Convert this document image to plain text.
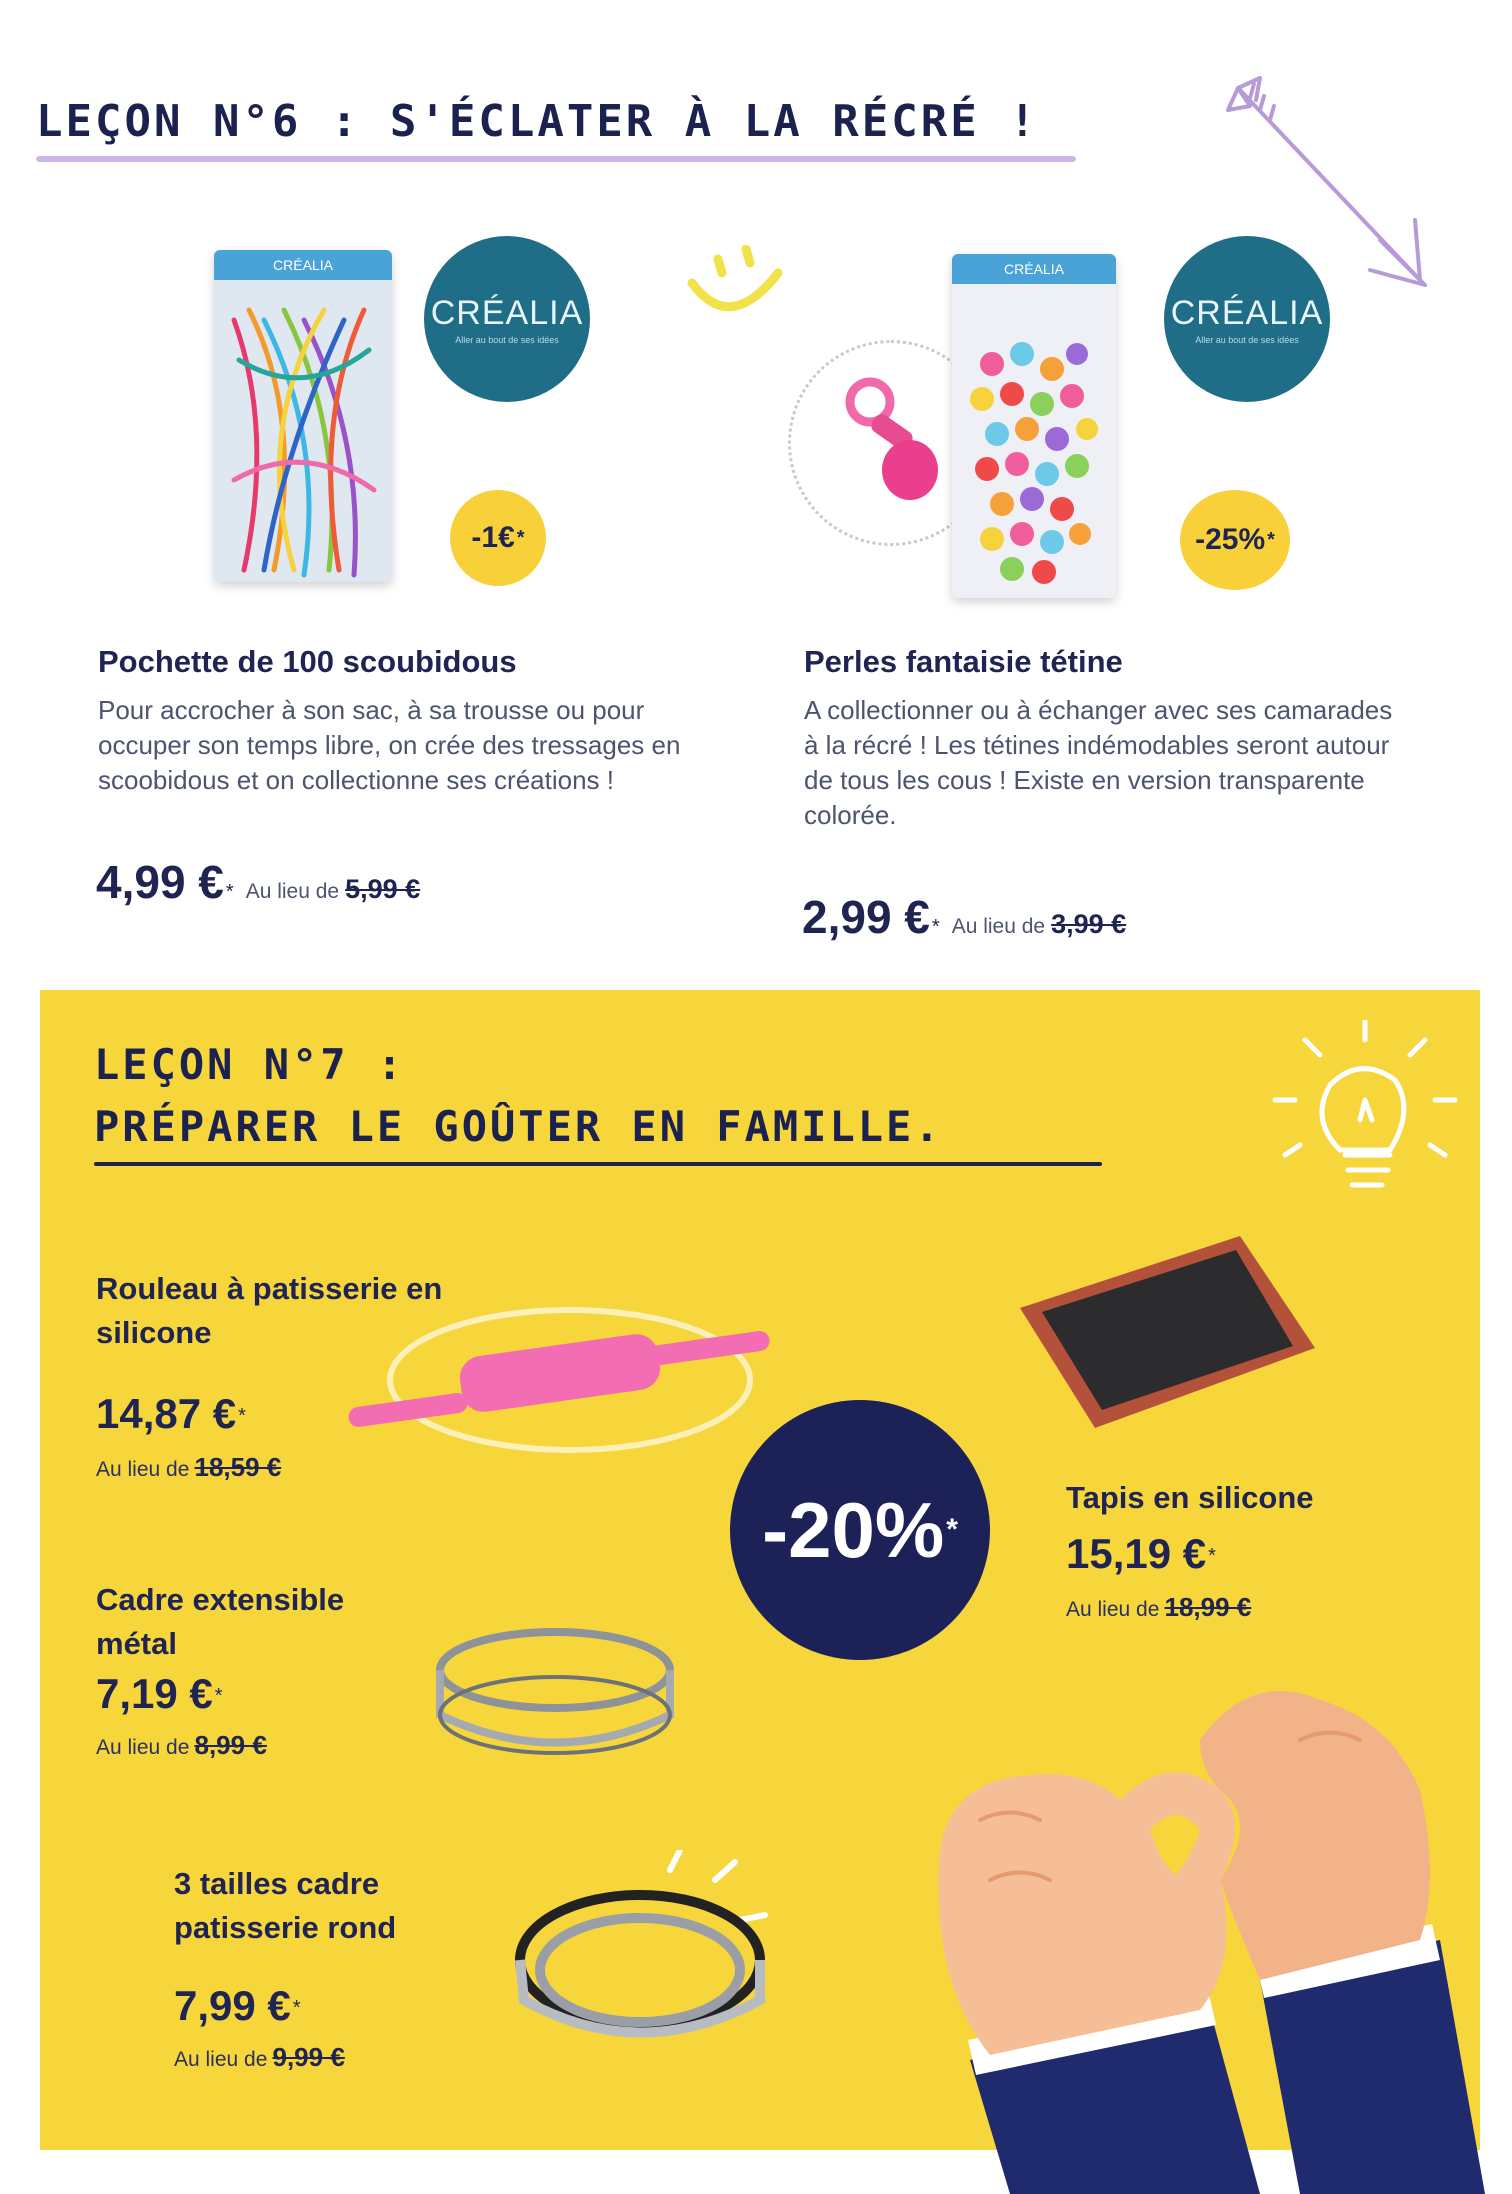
LEÇON N°6 : S'ÉCLATER À LA RÉCRÉ !
CRÉALIA
CRÉALIA
Aller au bout de ses idées
-1€ *
Pochette de 100 scoubidous
Pour accrocher à son sac, à sa trousse ou pour occuper son temps libre, on crée des tressages en scoobidous et on collectionne ses créations !
4,99 € * Au lieu de 5,99 €
CRÉALIA
CRÉALIA
Aller au bout de ses idées
-25% *
Perles fantaisie tétine
A collectionner ou à échanger avec ses camarades à la récré ! Les tétines indémodables seront autour de tous les cous ! Existe en version transparente colorée.
2,99 € * Au lieu de 3,99 €
LEÇON N°7 :
PRÉPARER LE GOÛTER EN FAMILLE.
Rouleau à patisserie en silicone
14,87 € *
Au lieu de 18,59 €
Cadre extensible métal
7,19 € *
Au lieu de 8,99 €
3 tailles cadre patisserie rond
7,99 € *
Au lieu de 9,99 €
Tapis en silicone
15,19 € *
Au lieu de 18,99 €
-20% *
